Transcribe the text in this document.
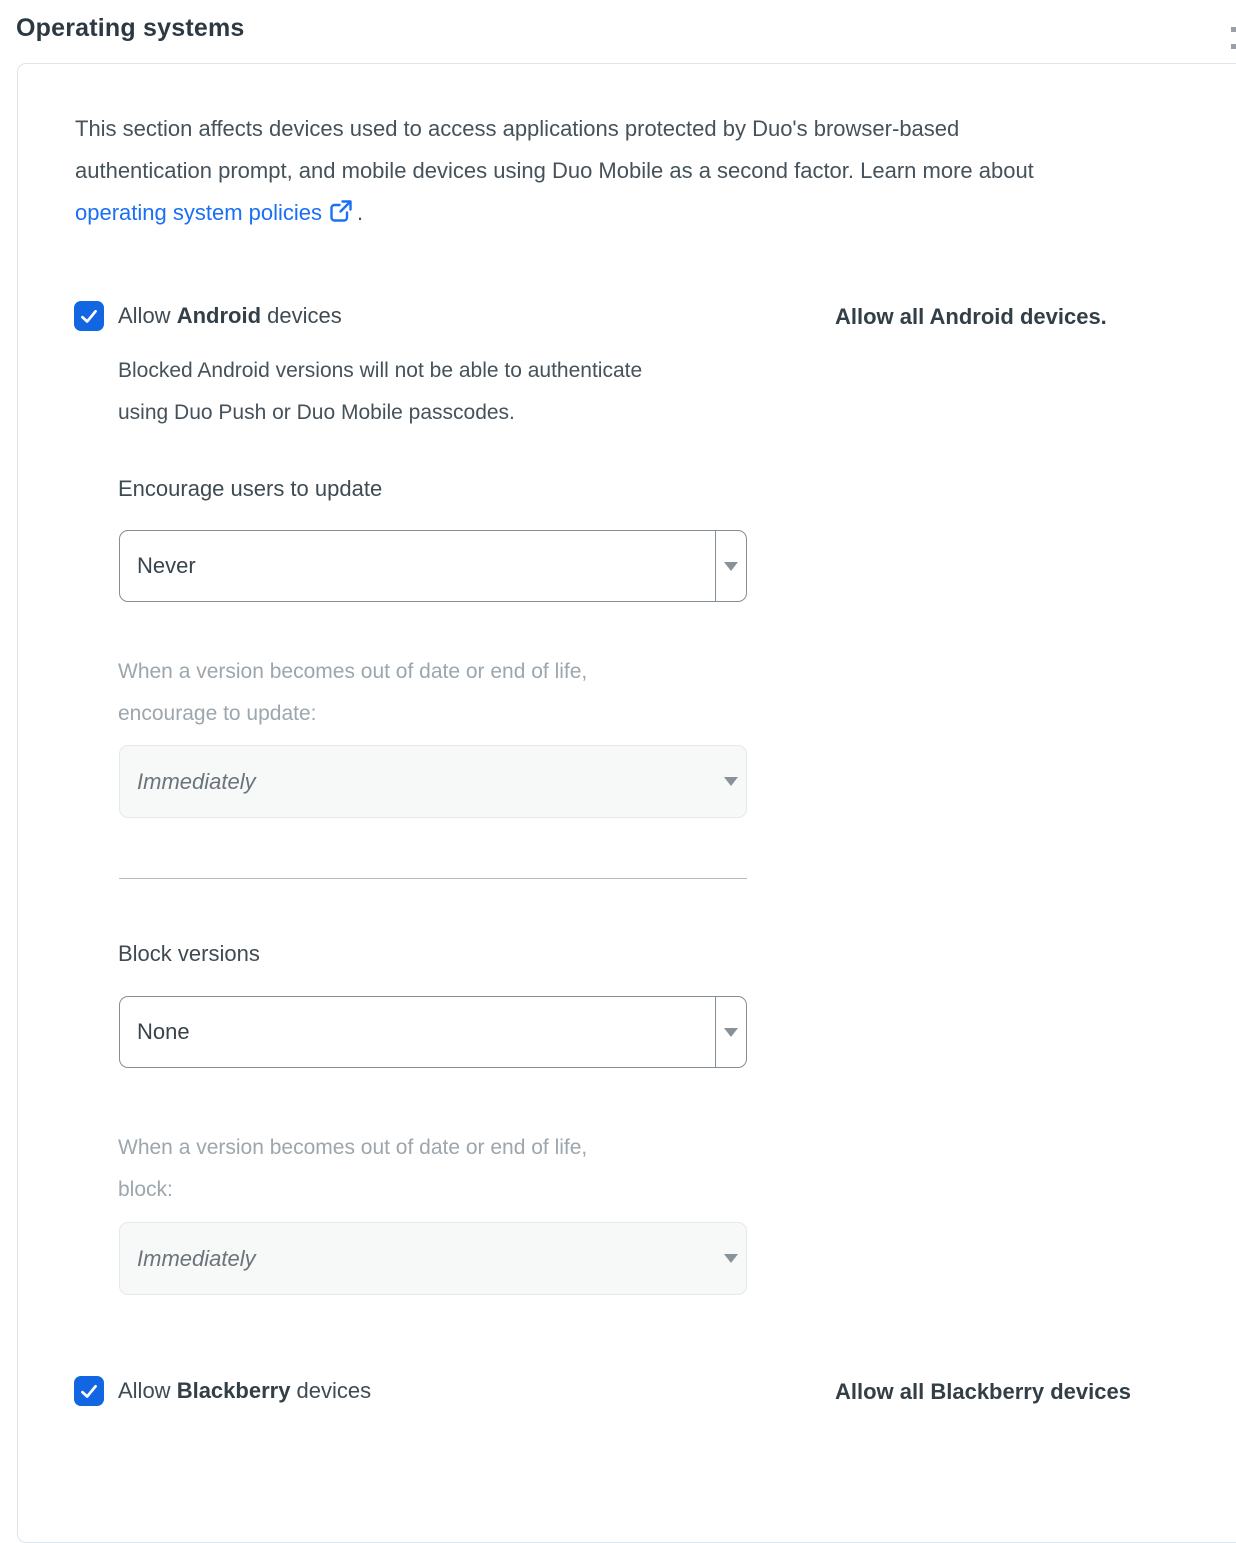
Operating systems
This section affects devices used to access applications protected by Duo's browser-based authentication prompt, and mobile devices using Duo Mobile as a second factor. Learn more about operating system policies .
Allow Android devices	Allow all Android devices.
Blocked Android versions will not be able to authenticate
using Duo Push or Duo Mobile passcodes.
Encourage users to update
Never
When a version becomes out of date or end of life,
encourage to update:
Immediately
Block versions
None
When a version becomes out of date or end of life,
block:
Immediately
Allow Blackberry devices	Allow all Blackberry devices
